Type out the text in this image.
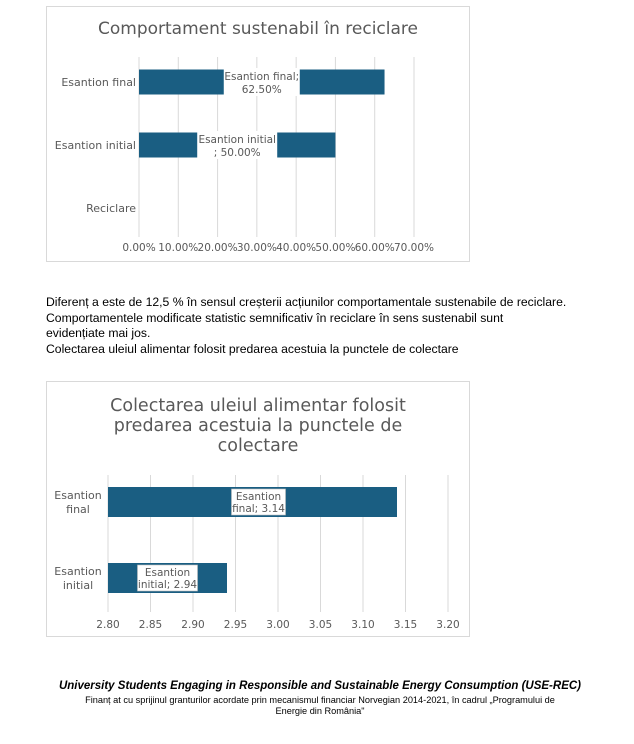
Comportament sustenabil în reciclare
0.00% 10.00% 20.00% 30.00% 40.00% 50.00% 60.00% 70.00%
Reciclare
Esantion initial	Esantion initial
; 50.00%
Esantion final	Esantion final;
62.50%
Diferenț a este de 12,5 % în sensul creșterii acțiunilor comportamentale sustenabile de reciclare.
Comportamentele modificate statistic semnificativ în reciclare în sens sustenabil sunt
evidențiate mai jos.
Colectarea uleiul alimentar folosit predarea acestuia la punctele de colectare
Colectarea uleiul alimentar folosit predarea acestuia la punctele de colectare
2.80 2.85 2.90 2.95 3.00 3.05 3.10 3.15 3.20
Esantion
initial
Esantion
initial; 2.94
Esantion
final
Esantion
final; 3.14
University Students Engaging in Responsible and Sustainable Energy Consumption (USE-REC)
Finanț at cu sprijinul granturilor acordate prin mecanismul financiar Norvegian 2014-2021, în cadrul „Programului de Energie din România"
